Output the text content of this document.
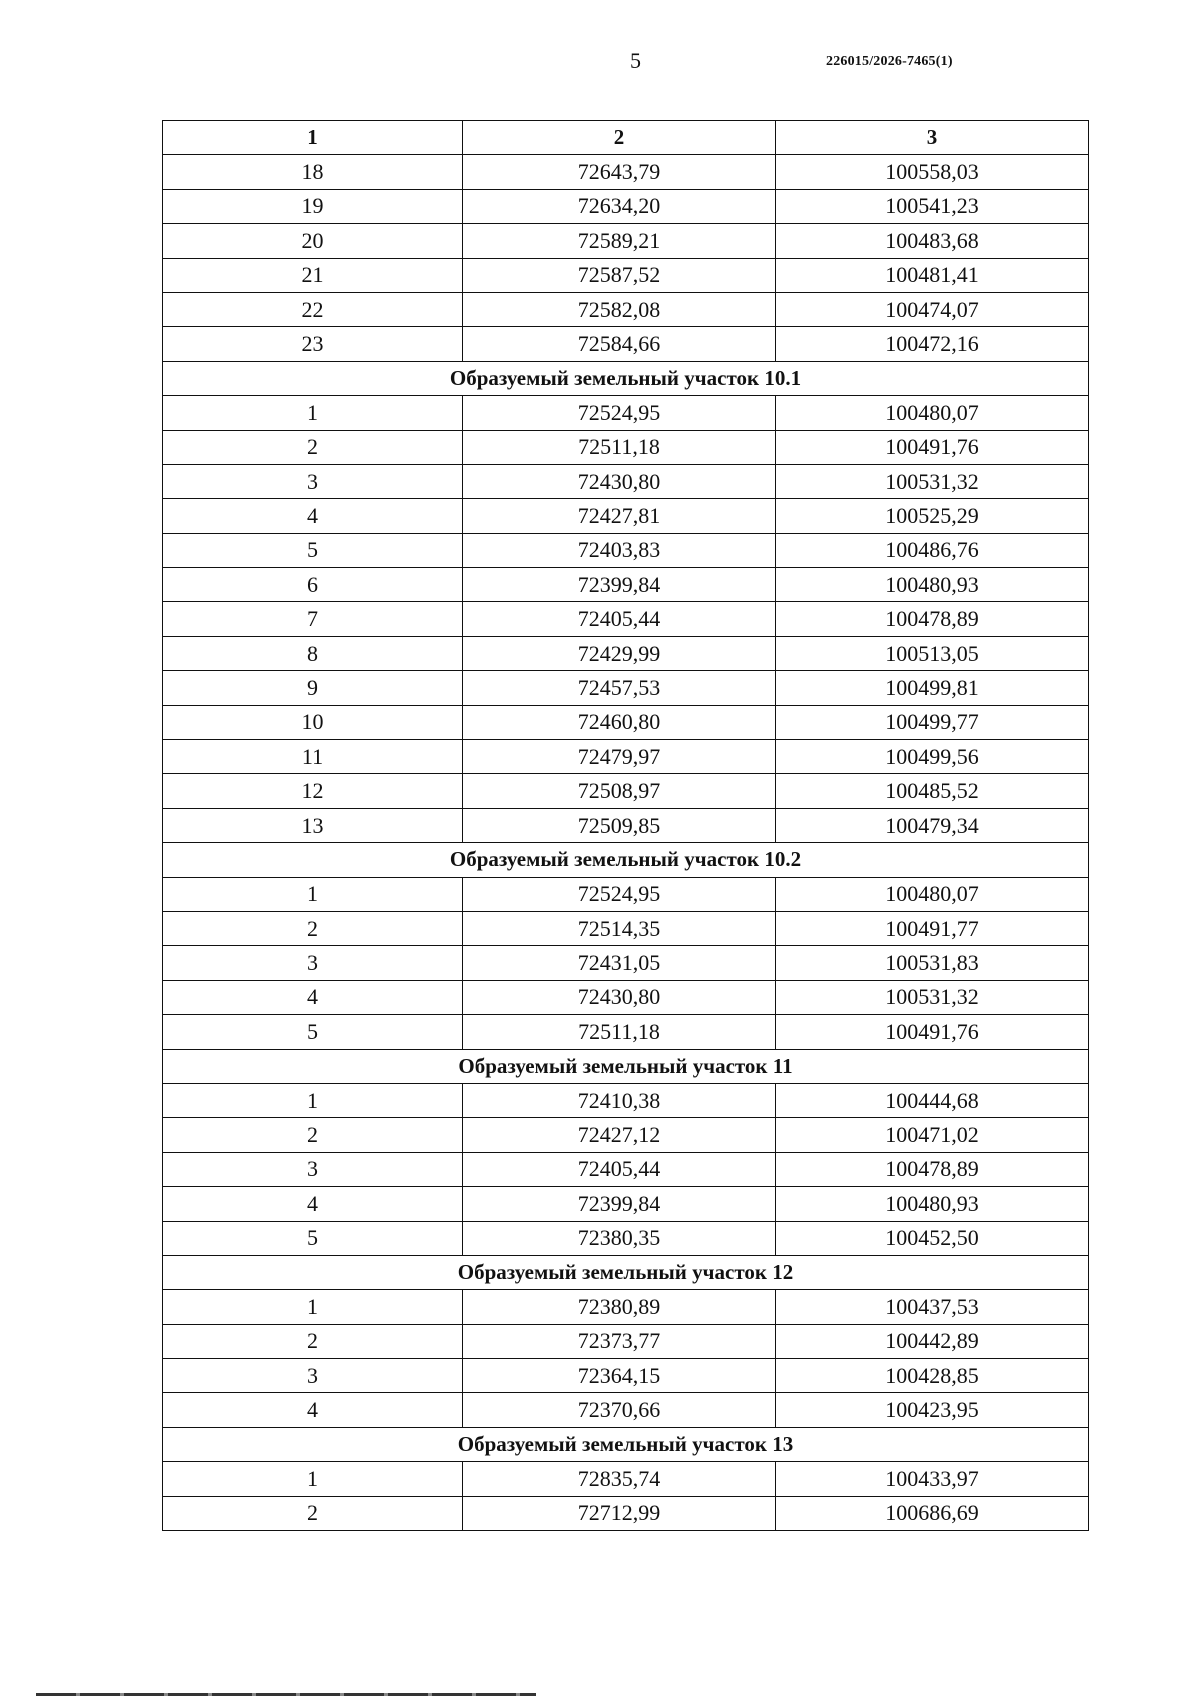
5	226015/2026-7465(1)
1	2	3
18	72643,79	100558,03
19	72634,20	100541,23
20	72589,21	100483,68
21	72587,52	100481,41
22	72582,08	100474,07
23	72584,66	100472,16
Образуемый земельный участок 10.1		
1	72524,95	100480,07
2	72511,18	100491,76
3	72430,80	100531,32
4	72427,81	100525,29
5	72403,83	100486,76
6	72399,84	100480,93
7	72405,44	100478,89
8	72429,99	100513,05
9	72457,53	100499,81
10	72460,80	100499,77
11	72479,97	100499,56
12	72508,97	100485,52
13	72509,85	100479,34
Образуемый земельный участок 10.2		
1	72524,95	100480,07
2	72514,35	100491,77
3	72431,05	100531,83
4	72430,80	100531,32
5	72511,18	100491,76
Образуемый земельный участок 11		
1	72410,38	100444,68
2	72427,12	100471,02
3	72405,44	100478,89
4	72399,84	100480,93
5	72380,35	100452,50
Образуемый земельный участок 12		
1	72380,89	100437,53
2	72373,77	100442,89
3	72364,15	100428,85
4	72370,66	100423,95
Образуемый земельный участок 13		
1	72835,74	100433,97
2	72712,99	100686,69
